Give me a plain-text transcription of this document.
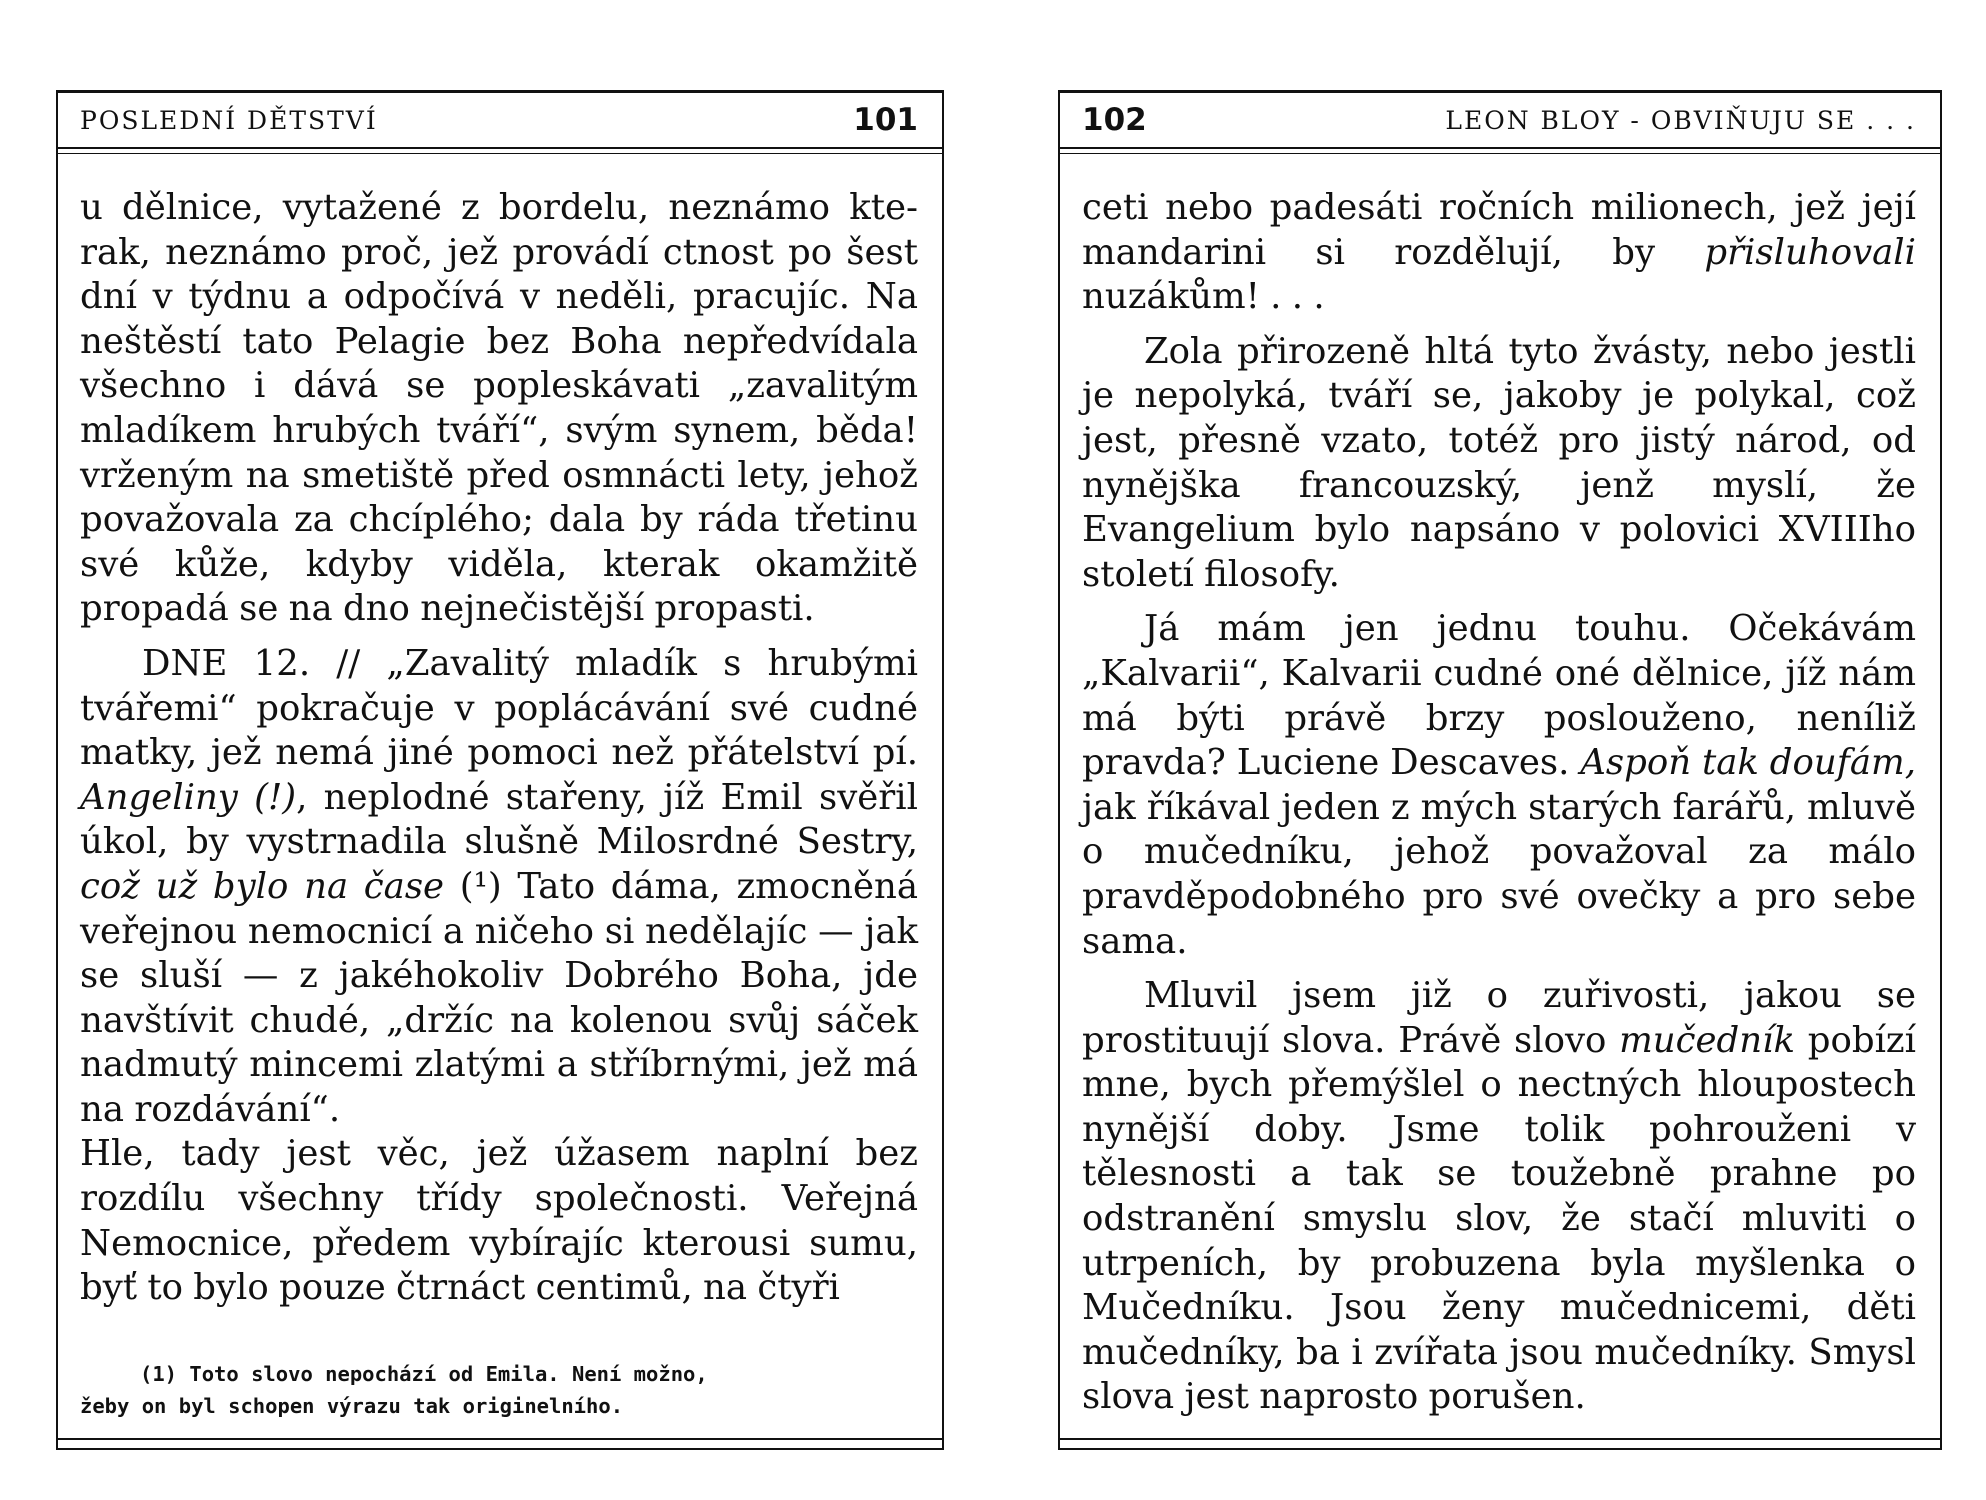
POSLEDNÍ DĚTSTVÍ	101

u dělnice, vytažené z bordelu, neznámo kterak, neznámo proč, jež provádí ctnost po šest dní v týdnu a odpočívá v neděli, pracujíc. Na neštěstí tato Pelagie bez Boha nepředvídala všechno i dává se popleskávati „zavalitým mladíkem hrubých tváří“, svým synem, běda! vrženým na smetiště před osmnácti lety, jehož považovala za chcíplého; dala by ráda třetinu své kůže, kdyby viděla, kterak okamžitě propadá se na dno nejnečistější propasti.

DNE 12. // „Zavalitý mladík s hrubými tvářemi“ pokračuje v poplácávání své cudné matky, jež nemá jiné pomoci než přátelství pí. Angeliny (!), neplodné stařeny, jíž Emil svěřil úkol, by vystrnadila slušně Milosrdné Sestry, což už bylo na čase (¹) Tato dáma, zmocněná veřejnou nemocnicí a ničeho si nedělajíc — jak se sluší — z jakéhokoliv Dobrého Boha, jde navštívit chudé, „držíc na kolenou svůj sáček nadmutý mincemi zlatými a stříbrnými, jež má na rozdávání“.

Hle, tady jest věc, jež úžasem naplní bez rozdílu všechny třídy společnosti. Veřejná Nemocnice, předem vybírajíc kterousi sumu, byť to bylo pouze čtrnáct centimů, na čtyři

(1) Toto slovo nepochází od Emila. Není možno,
žeby on byl schopen výrazu tak originelního.
102	LEON BLOY - OBVIŇUJU SE . . .

ceti nebo padesáti ročních milionech, jež její mandarini si rozdělují, by přisluhovali nuzákům! . . .

Zola přirozeně hltá tyto žvásty, nebo jestli je nepolyká, tváří se, jakoby je polykal, což jest, přesně vzato, totéž pro jistý národ, od nynějška francouzský, jenž myslí, že Evangelium bylo napsáno v polovici XVIIIho století filosofy.

Já mám jen jednu touhu. Očekávám „Kalvarii“, Kalvarii cudné oné dělnice, jíž nám má býti právě brzy poslouženo, neníliž pravda? Luciene Descaves. Aspoň tak doufám, jak říkával jeden z mých starých farářů, mluvě o mučedníku, jehož považoval za málo pravděpodobného pro své ovečky a pro sebe sama.

Mluvil jsem již o zuřivosti, jakou se prostituují slova. Právě slovo mučedník pobízí mne, bych přemýšlel o nectných hloupostech nynější doby. Jsme tolik pohrouženi v tělesnosti a tak se toužebně prahne po odstranění smyslu slov, že stačí mluviti o utrpeních, by probuzena byla myšlenka o Mučedníku. Jsou ženy mučednicemi, děti mučedníky, ba i zvířata jsou mučedníky. Smysl slova jest naprosto porušen.
